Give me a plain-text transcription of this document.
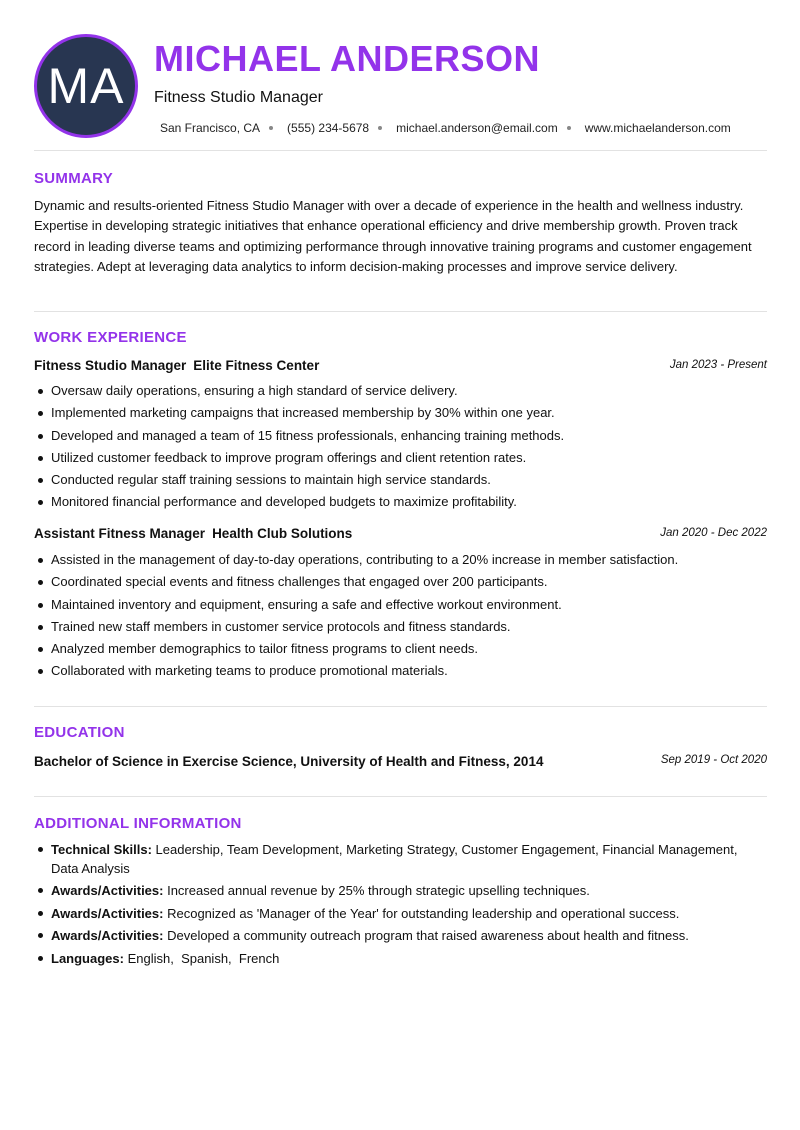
MA MICHAEL ANDERSON
Fitness Studio Manager
San Francisco, CA (555) 234-5678 michael.anderson@email.com www.michaelanderson.com
SUMMARY

Dynamic and results-oriented Fitness Studio Manager with over a decade of experience in the health and wellness industry. Expertise in developing strategic initiatives that enhance operational efficiency and drive membership growth. Proven track record in leading diverse teams and optimizing performance through innovative training programs and customer engagement strategies. Adept at leveraging data analytics to inform decision-making processes and improve service delivery.

WORK EXPERIENCE
Fitness Studio Manager Elite Fitness Center	Jan 2023 - Present
Oversaw daily operations, ensuring a high standard of service delivery.
Implemented marketing campaigns that increased membership by 30% within one year.
Developed and managed a team of 15 fitness professionals, enhancing training methods.
Utilized customer feedback to improve program offerings and client retention rates.
Conducted regular staff training sessions to maintain high service standards.
Monitored financial performance and developed budgets to maximize profitability.
Assistant Fitness Manager Health Club Solutions	Jan 2020 - Dec 2022
Assisted in the management of day-to-day operations, contributing to a 20% increase in member satisfaction.
Coordinated special events and fitness challenges that engaged over 200 participants.
Maintained inventory and equipment, ensuring a safe and effective workout environment.
Trained new staff members in customer service protocols and fitness standards.
Analyzed member demographics to tailor fitness programs to client needs.
Collaborated with marketing teams to produce promotional materials.
EDUCATION
Bachelor of Science in Exercise Science, University of Health and Fitness, 2014	Sep 2019 - Oct 2020
ADDITIONAL INFORMATION
Technical Skills: Leadership, Team Development, Marketing Strategy, Customer Engagement, Financial Management, Data Analysis
Awards/Activities: Increased annual revenue by 25% through strategic upselling techniques.
Awards/Activities: Recognized as 'Manager of the Year' for outstanding leadership and operational success.
Awards/Activities: Developed a community outreach program that raised awareness about health and fitness.
Languages: English,  Spanish,  French
